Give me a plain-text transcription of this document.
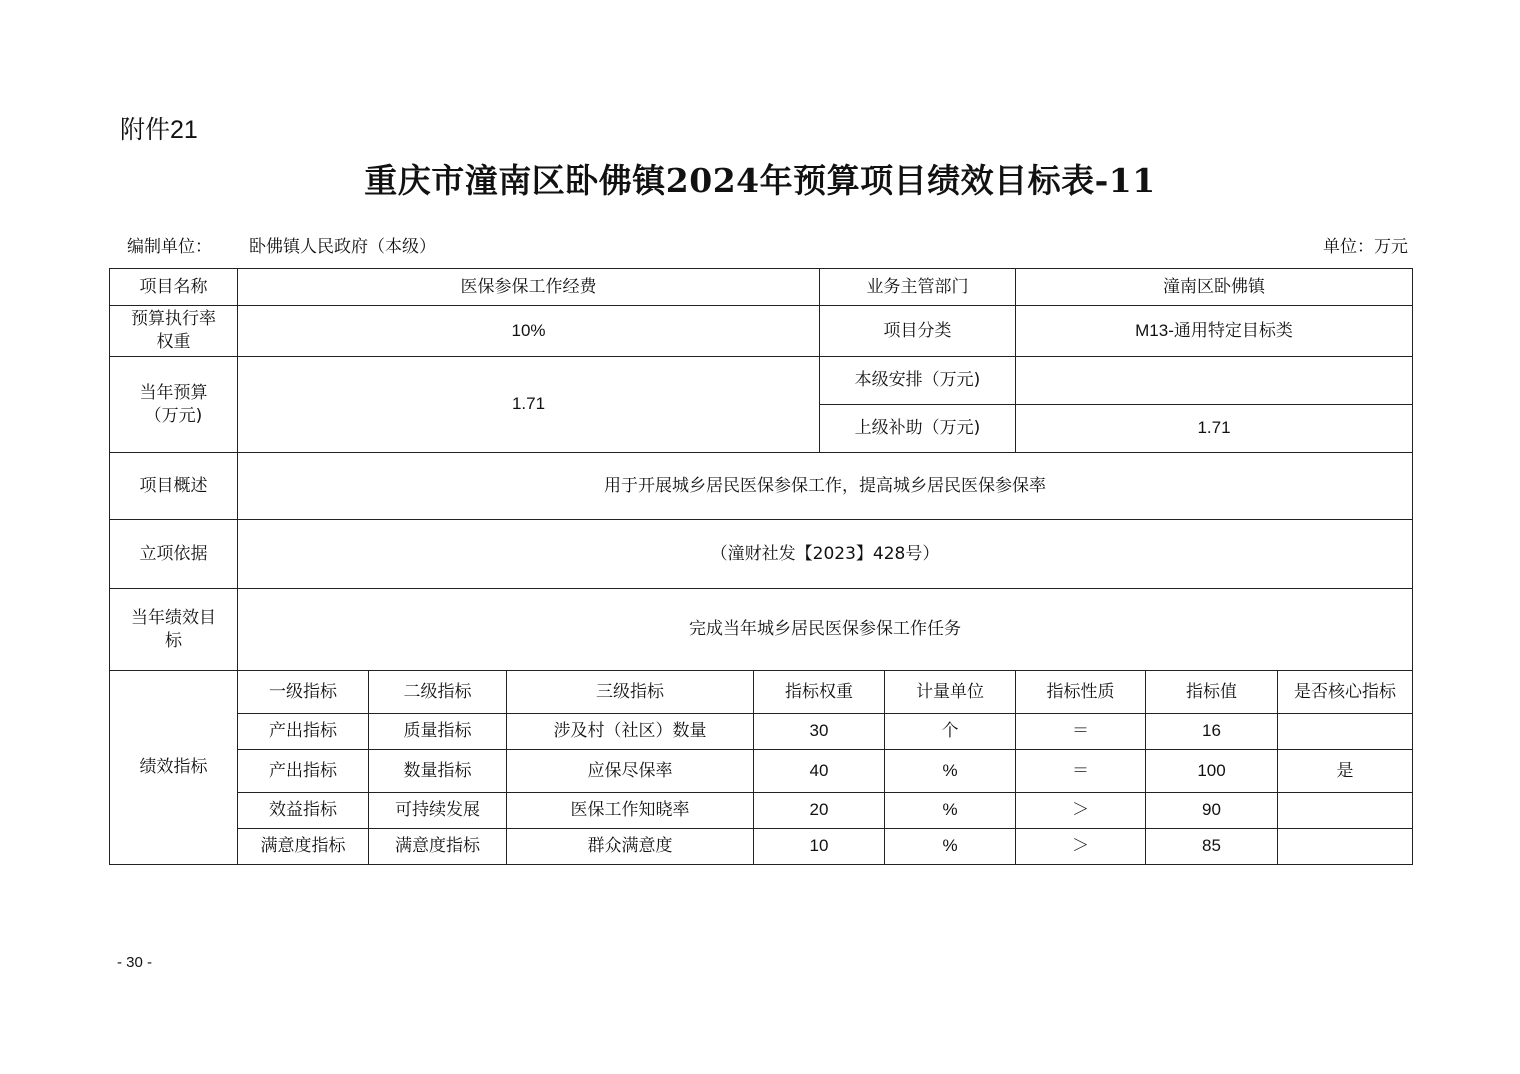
附件21
重庆市潼南区卧佛镇2024年预算项目绩效目标表-11
编制单位： 卧佛镇人民政府（本级）	单位：万元
项目名称	医保参保工作经费				业务主管部门		潼南区卧佛镇		

预算执行率权重	10%				项目分类		M13-通用特定目标类		

当年预算（万元)	1.71				本级安排（万元)				
					上级补助（万元)		1.71		
项目概述	用于开展城乡居民医保参保工作，提高城乡居民医保参保率								
立项依据	（潼财社发【2023】428号）								

当年绩效目标	完成当年城乡居民医保参保工作任务								
绩效指标	一级指标	二级指标	三级指标	指标权重		计量单位	指标性质	指标值	是否核心指标
	产出指标	质量指标	涉及村（社区）数量	30		个	＝	16	
	产出指标	数量指标	应保尽保率	40		%	＝	100	是
	效益指标	可持续发展	医保工作知晓率	20		%	＞	90	
	满意度指标	满意度指标	群众满意度	10		%	＞	85	
- 30 -
